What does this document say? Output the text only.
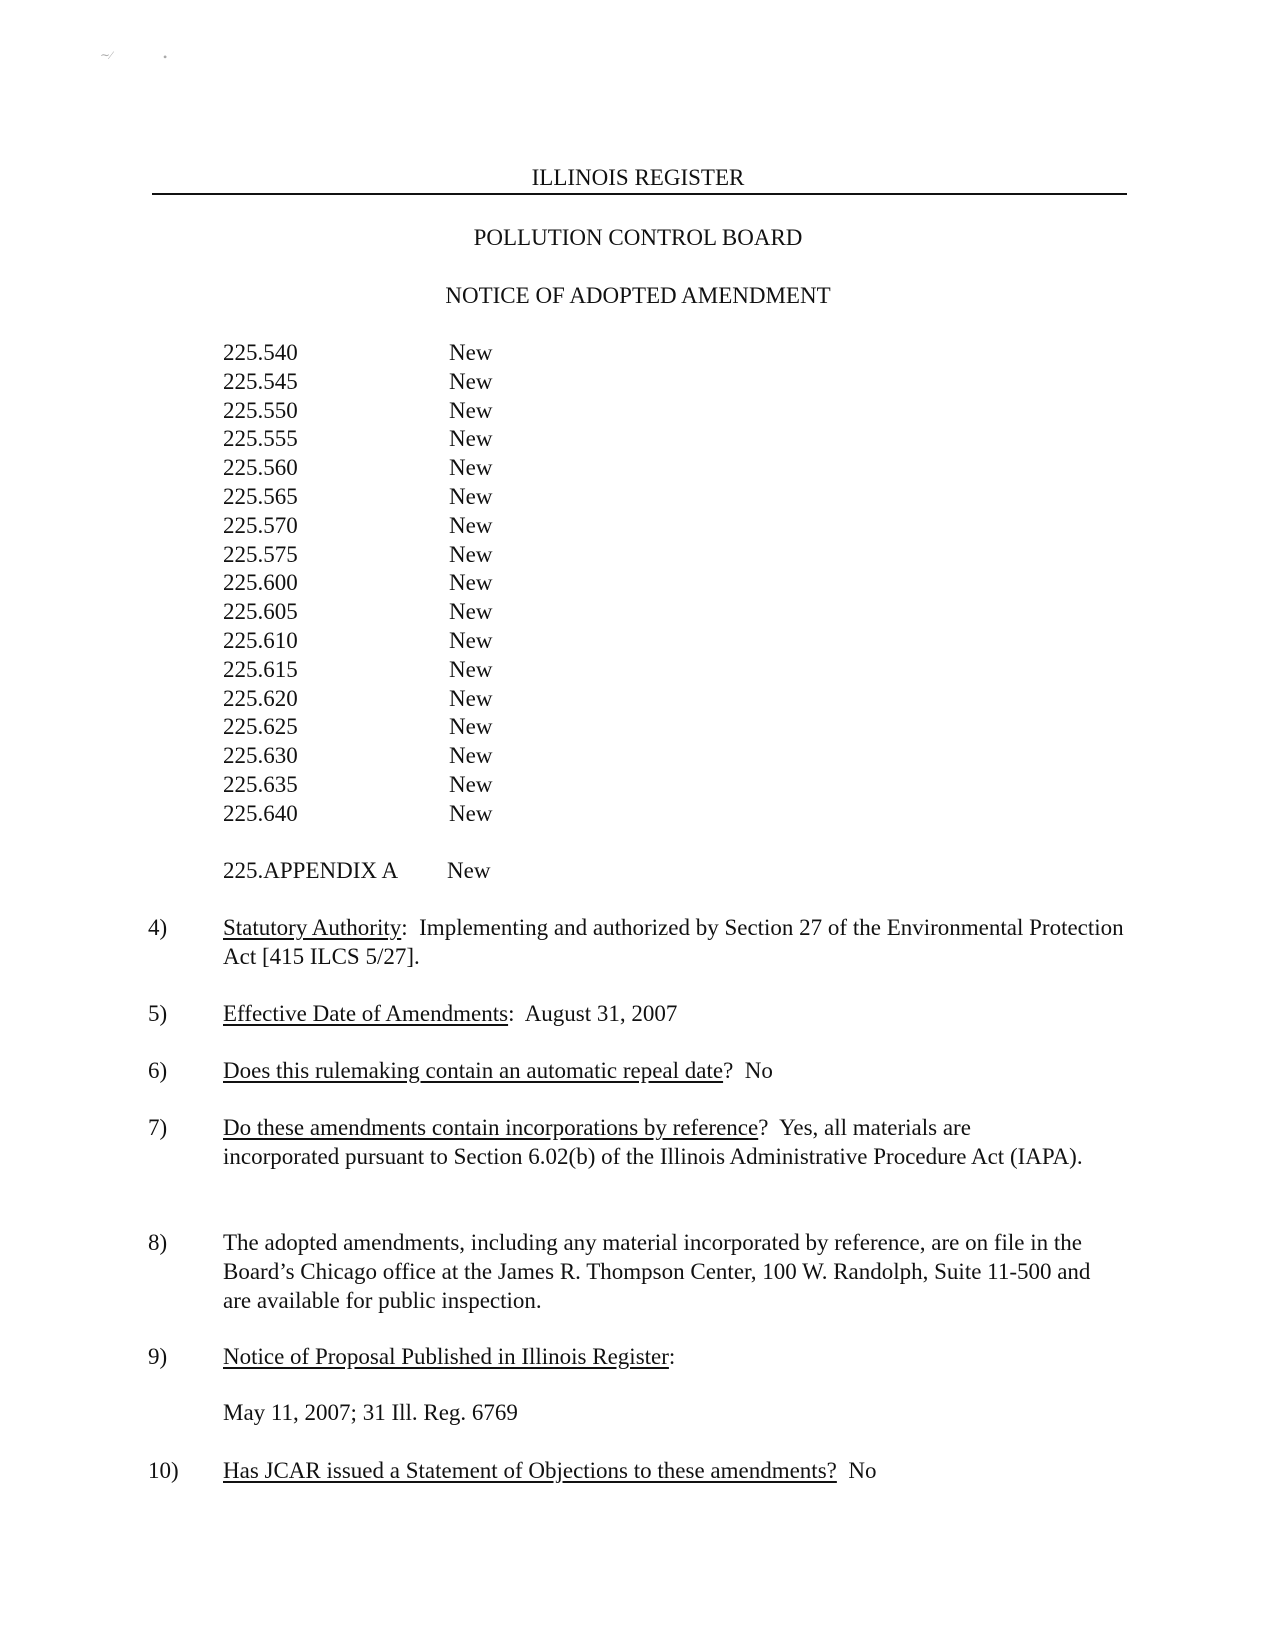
∼⁄	•
ILLINOIS REGISTER
POLLUTION CONTROL BOARD
NOTICE OF ADOPTED AMENDMENT
225.540	New
225.545	New
225.550	New
225.555	New
225.560	New
225.565	New
225.570	New
225.575	New
225.600	New
225.605	New
225.610	New
225.615	New
225.620	New
225.625	New
225.630	New
225.635	New
225.640	New
225.APPENDIX A	New
4) Statutory Authority:  Implementing and authorized by Section 27 of the Environmental Protection Act [415 ILCS 5/27].
5) Effective Date of Amendments:  August 31, 2007
6) Does this rulemaking contain an automatic repeal date?  No
7) Do these amendments contain incorporations by reference?  Yes, all materials are incorporated pursuant to Section 6.02(b) of the Illinois Administrative Procedure Act (IAPA).
8) The adopted amendments, including any material incorporated by reference, are on file in the Board’s Chicago office at the James R. Thompson Center, 100 W. Randolph, Suite 11-500 and are available for public inspection.
9) Notice of Proposal Published in Illinois Register:
May 11, 2007; 31 Ill. Reg. 6769
10) Has JCAR issued a Statement of Objections to these amendments?  No
